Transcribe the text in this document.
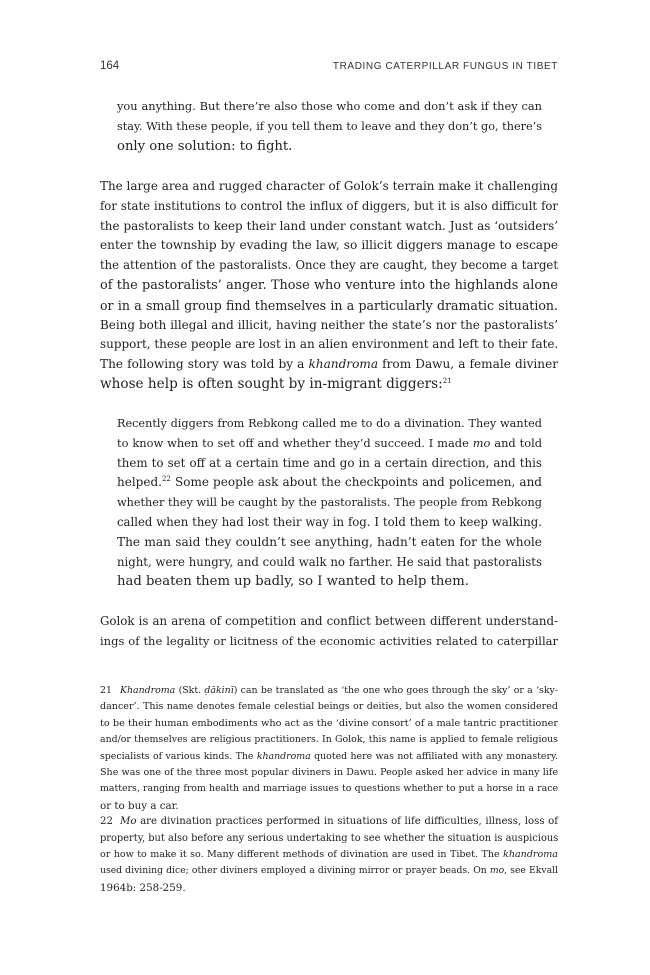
164	TRADING CATERPILLAR FUNGUS IN TIBET
you anything. But there’re also those who come and don’t ask if they can
stay. With these people, if you tell them to leave and they don’t go, there’s
only one solution: to fight.
The large area and rugged character of Golok’s terrain make it challenging
for state institutions to control the influx of diggers, but it is also difficult for
the pastoralists to keep their land under constant watch. Just as ‘outsiders’
enter the township by evading the law, so illicit diggers manage to escape
the attention of the pastoralists. Once they are caught, they become a target
of the pastoralists’ anger. Those who venture into the highlands alone
or in a small group find themselves in a particularly dramatic situation.
Being both illegal and illicit, having neither the state’s nor the pastoralists’
support, these people are lost in an alien environment and left to their fate.
The following story was told by a khandroma from Dawu, a female diviner
whose help is often sought by in-migrant diggers:$^{21}$
Recently diggers from Rebkong called me to do a divination. They wanted
to know when to set off and whether they’d succeed. I made mo and told
them to set off at a certain time and go in a certain direction, and this
helped.$^{22}$ Some people ask about the checkpoints and policemen, and
whether they will be caught by the pastoralists. The people from Rebkong
called when they had lost their way in fog. I told them to keep walking.
The man said they couldn’t see anything, hadn’t eaten for the whole
night, were hungry, and could walk no farther. He said that pastoralists
had beaten them up badly, so I wanted to help them.
Golok is an arena of competition and conflict between different understand-
ings of the legality or licitness of the economic activities related to caterpillar
21 Khandroma (Skt. ḍākinī) can be translated as ‘the one who goes through the sky’ or a ‘sky-
dancer’. This name denotes female celestial beings or deities, but also the women considered
to be their human embodiments who act as the ‘divine consort’ of a male tantric practitioner
and/or themselves are religious practitioners. In Golok, this name is applied to female religious
specialists of various kinds. The khandroma quoted here was not affiliated with any monastery.
She was one of the three most popular diviners in Dawu. People asked her advice in many life
matters, ranging from health and marriage issues to questions whether to put a horse in a race
or to buy a car.
22 Mo are divination practices performed in situations of life difficulties, illness, loss of
property, but also before any serious undertaking to see whether the situation is auspicious
or how to make it so. Many different methods of divination are used in Tibet. The khandroma
used divining dice; other diviners employed a divining mirror or prayer beads. On mo, see Ekvall
1964b: 258-259.
